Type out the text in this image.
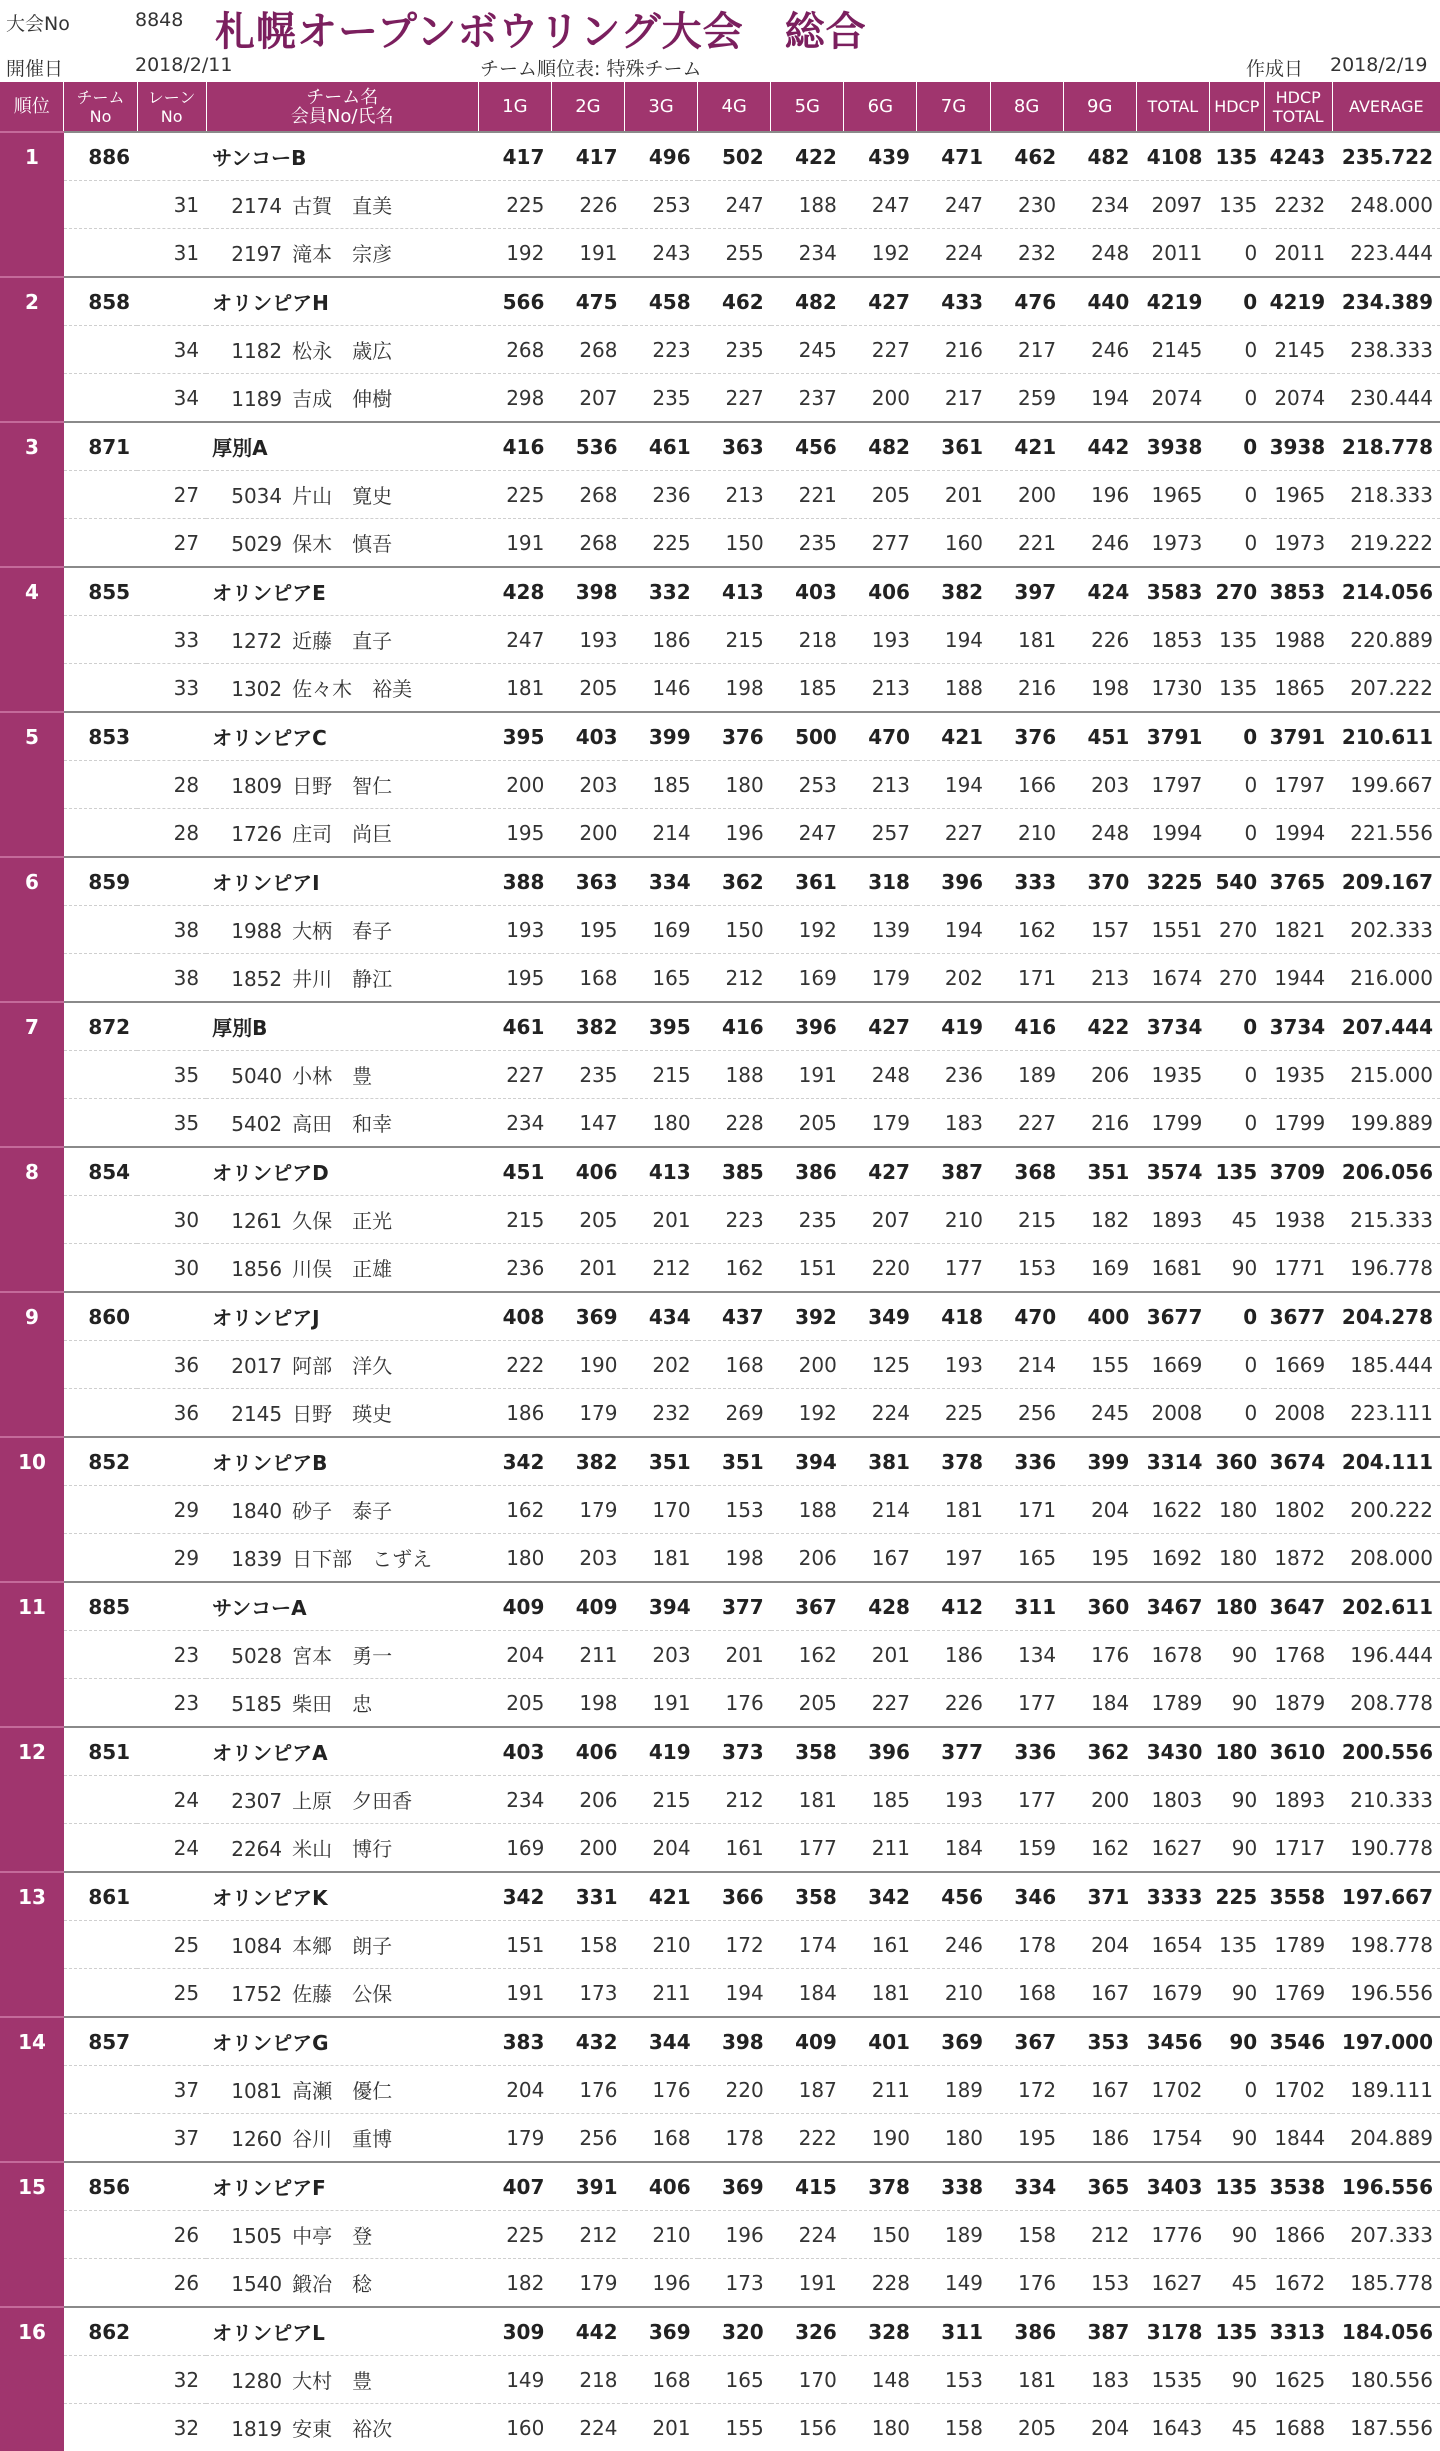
大会No	8848
開催日	2018/2/11
札幌オープンボウリング大会　総合
チーム順位表: 特殊チーム	作成日 2018/2/19
順位	チーム
No	レーン
No	チーム名
会員No/氏名	1G	2G	3G	4G	5G	6G	7G	8G	9G	TOTAL	HDCP	HDCP
TOTAL	AVERAGE
1	886		サンコーB	417	417	496	502	422	439	471	462	482	4108	135	4243	235.722
		31	2174 古賀　直美	225	226	253	247	188	247	247	230	234	2097	135	2232	248.000
		31	2197 滝本　宗彦	192	191	243	255	234	192	224	232	248	2011	0	2011	223.444
2	858		オリンピアH	566	475	458	462	482	427	433	476	440	4219	0	4219	234.389
		34	1182 松永　歳広	268	268	223	235	245	227	216	217	246	2145	0	2145	238.333
		34	1189 吉成　伸樹	298	207	235	227	237	200	217	259	194	2074	0	2074	230.444
3	871		厚別A	416	536	461	363	456	482	361	421	442	3938	0	3938	218.778
		27	5034 片山　寛史	225	268	236	213	221	205	201	200	196	1965	0	1965	218.333
		27	5029 保木　慎吾	191	268	225	150	235	277	160	221	246	1973	0	1973	219.222
4	855		オリンピアE	428	398	332	413	403	406	382	397	424	3583	270	3853	214.056
		33	1272 近藤　直子	247	193	186	215	218	193	194	181	226	1853	135	1988	220.889
		33	1302 佐々木　裕美	181	205	146	198	185	213	188	216	198	1730	135	1865	207.222
5	853		オリンピアC	395	403	399	376	500	470	421	376	451	3791	0	3791	210.611
		28	1809 日野　智仁	200	203	185	180	253	213	194	166	203	1797	0	1797	199.667
		28	1726 庄司　尚巨	195	200	214	196	247	257	227	210	248	1994	0	1994	221.556
6	859		オリンピアI	388	363	334	362	361	318	396	333	370	3225	540	3765	209.167
		38	1988 大柄　春子	193	195	169	150	192	139	194	162	157	1551	270	1821	202.333
		38	1852 井川　静江	195	168	165	212	169	179	202	171	213	1674	270	1944	216.000
7	872		厚別B	461	382	395	416	396	427	419	416	422	3734	0	3734	207.444
		35	5040 小林　豊	227	235	215	188	191	248	236	189	206	1935	0	1935	215.000
		35	5402 高田　和幸	234	147	180	228	205	179	183	227	216	1799	0	1799	199.889
8	854		オリンピアD	451	406	413	385	386	427	387	368	351	3574	135	3709	206.056
		30	1261 久保　正光	215	205	201	223	235	207	210	215	182	1893	45	1938	215.333
		30	1856 川俣　正雄	236	201	212	162	151	220	177	153	169	1681	90	1771	196.778
9	860		オリンピアJ	408	369	434	437	392	349	418	470	400	3677	0	3677	204.278
		36	2017 阿部　洋久	222	190	202	168	200	125	193	214	155	1669	0	1669	185.444
		36	2145 日野　瑛史	186	179	232	269	192	224	225	256	245	2008	0	2008	223.111
10	852		オリンピアB	342	382	351	351	394	381	378	336	399	3314	360	3674	204.111
		29	1840 砂子　泰子	162	179	170	153	188	214	181	171	204	1622	180	1802	200.222
		29	1839 日下部　こずえ	180	203	181	198	206	167	197	165	195	1692	180	1872	208.000
11	885		サンコーA	409	409	394	377	367	428	412	311	360	3467	180	3647	202.611
		23	5028 宮本　勇一	204	211	203	201	162	201	186	134	176	1678	90	1768	196.444
		23	5185 柴田　忠	205	198	191	176	205	227	226	177	184	1789	90	1879	208.778
12	851		オリンピアA	403	406	419	373	358	396	377	336	362	3430	180	3610	200.556
		24	2307 上原　夕田香	234	206	215	212	181	185	193	177	200	1803	90	1893	210.333
		24	2264 米山　博行	169	200	204	161	177	211	184	159	162	1627	90	1717	190.778
13	861		オリンピアK	342	331	421	366	358	342	456	346	371	3333	225	3558	197.667
		25	1084 本郷　朗子	151	158	210	172	174	161	246	178	204	1654	135	1789	198.778
		25	1752 佐藤　公保	191	173	211	194	184	181	210	168	167	1679	90	1769	196.556
14	857		オリンピアG	383	432	344	398	409	401	369	367	353	3456	90	3546	197.000
		37	1081 高瀬　優仁	204	176	176	220	187	211	189	172	167	1702	0	1702	189.111
		37	1260 谷川　重博	179	256	168	178	222	190	180	195	186	1754	90	1844	204.889
15	856		オリンピアF	407	391	406	369	415	378	338	334	365	3403	135	3538	196.556
		26	1505 中亭　登	225	212	210	196	224	150	189	158	212	1776	90	1866	207.333
		26	1540 鍛冶　稔	182	179	196	173	191	228	149	176	153	1627	45	1672	185.778
16	862		オリンピアL	309	442	369	320	326	328	311	386	387	3178	135	3313	184.056
		32	1280 大村　豊	149	218	168	165	170	148	153	181	183	1535	90	1625	180.556
		32	1819 安東　裕次	160	224	201	155	156	180	158	205	204	1643	45	1688	187.556
